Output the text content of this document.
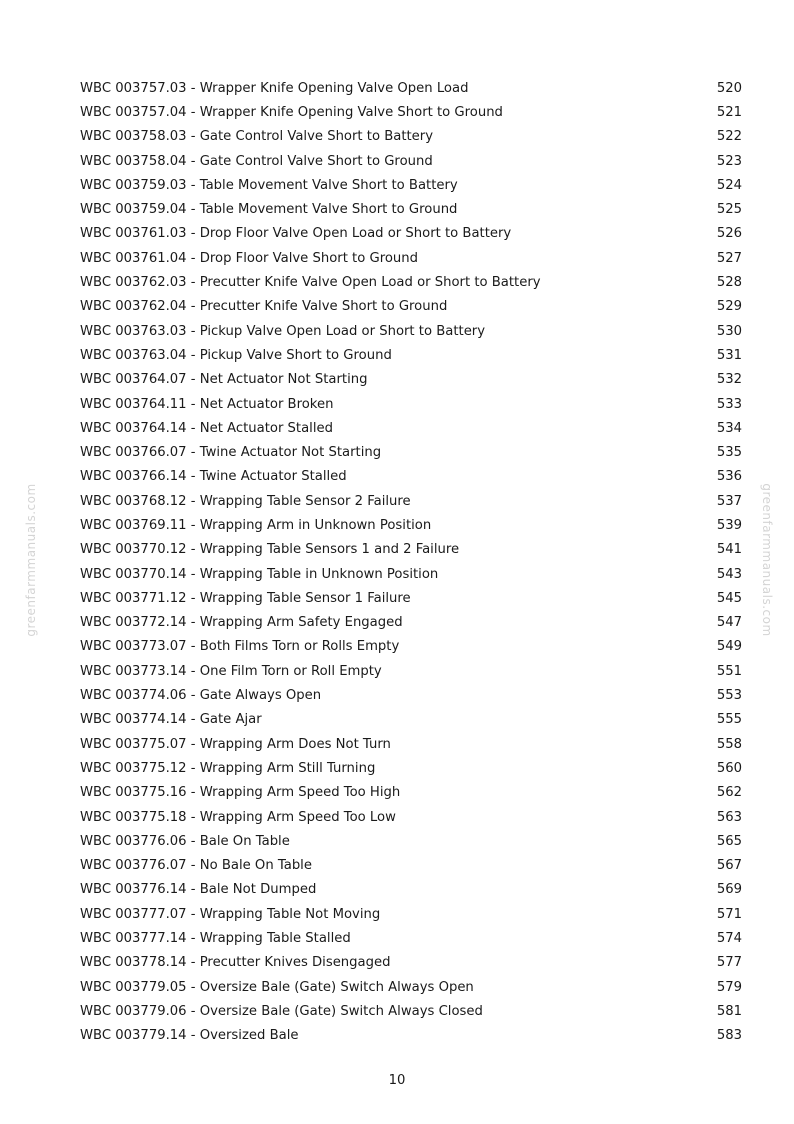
greenfarmmanuals.com	greenfarmmanuals.com
WBC 003757.03 - Wrapper Knife Opening Valve Open Load	520
WBC 003757.04 - Wrapper Knife Opening Valve Short to Ground	521
WBC 003758.03 - Gate Control Valve Short to Battery	522
WBC 003758.04 - Gate Control Valve Short to Ground	523
WBC 003759.03 - Table Movement Valve Short to Battery	524
WBC 003759.04 - Table Movement Valve Short to Ground	525
WBC 003761.03 - Drop Floor Valve Open Load or Short to Battery	526
WBC 003761.04 - Drop Floor Valve Short to Ground	527
WBC 003762.03 - Precutter Knife Valve Open Load or Short to Battery	528
WBC 003762.04 - Precutter Knife Valve Short to Ground	529
WBC 003763.03 - Pickup Valve Open Load or Short to Battery	530
WBC 003763.04 - Pickup Valve Short to Ground	531
WBC 003764.07 - Net Actuator Not Starting	532
WBC 003764.11 - Net Actuator Broken	533
WBC 003764.14 - Net Actuator Stalled	534
WBC 003766.07 - Twine Actuator Not Starting	535
WBC 003766.14 - Twine Actuator Stalled	536
WBC 003768.12 - Wrapping Table Sensor 2 Failure	537
WBC 003769.11 - Wrapping Arm in Unknown Position	539
WBC 003770.12 - Wrapping Table Sensors 1 and 2 Failure	541
WBC 003770.14 - Wrapping Table in Unknown Position	543
WBC 003771.12 - Wrapping Table Sensor 1 Failure	545
WBC 003772.14 - Wrapping Arm Safety Engaged	547
WBC 003773.07 - Both Films Torn or Rolls Empty	549
WBC 003773.14 - One Film Torn or Roll Empty	551
WBC 003774.06 - Gate Always Open	553
WBC 003774.14 - Gate Ajar	555
WBC 003775.07 - Wrapping Arm Does Not Turn	558
WBC 003775.12 - Wrapping Arm Still Turning	560
WBC 003775.16 - Wrapping Arm Speed Too High	562
WBC 003775.18 - Wrapping Arm Speed Too Low	563
WBC 003776.06 - Bale On Table	565
WBC 003776.07 - No Bale On Table	567
WBC 003776.14 - Bale Not Dumped	569
WBC 003777.07 - Wrapping Table Not Moving	571
WBC 003777.14 - Wrapping Table Stalled	574
WBC 003778.14 - Precutter Knives Disengaged	577
WBC 003779.05 - Oversize Bale (Gate) Switch Always Open	579
WBC 003779.06 - Oversize Bale (Gate) Switch Always Closed	581
WBC 003779.14 - Oversized Bale	583
10
